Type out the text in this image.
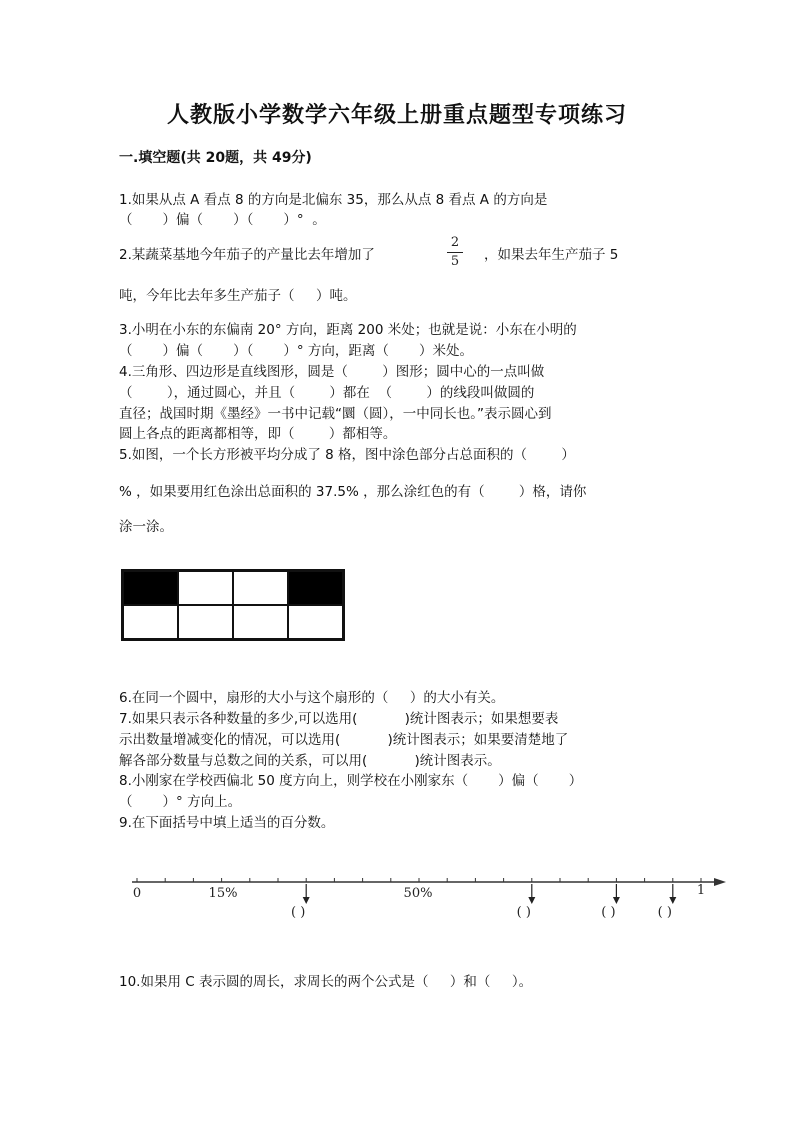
人教版小学数学六年级上册重点题型专项练习
一.填空题(共 20题，共 49分)
1.如果从点 A 看点 8 的方向是北偏东 35，那么从点 8 看点 A 的方向是
（       ）偏（       ）（       ）°  。
2.某蔬菜基地今年茄子的产量比去年增加了
2
5 ，如果去年生产茄子 5
吨，今年比去年多生产茄子（     ）吨。
3.小明在小东的东偏南 20° 方向，距离 200 米处；也就是说：小东在小明的
（       ）偏（       ）（       ）° 方向，距离（       ）米处。
4.三角形、四边形是直线图形，圆是（        ）图形；圆中心的一点叫做
（        ），通过圆心，并且（        ）都在  （        ）的线段叫做圆的
直径；战国时期《墨经》一书中记载“圜（圆），一中同长也。”表示圆心到
圆上各点的距离都相等，即（        ）都相等。
5.如图，一个长方形被平均分成了 8 格，图中涂色部分占总面积的（        ）
% ，如果要用红色涂出总面积的 37.5% ，那么涂红色的有（        ）格，请你
涂一涂。
6.在同一个圆中，扇形的大小与这个扇形的（     ）的大小有关。
7.如果只表示各种数量的多少,可以选用(           )统计图表示；如果想要表
示出数量增减变化的情况，可以选用(           )统计图表示；如果要清楚地了
解各部分数量与总数之间的关系，可以用(           )统计图表示。
8.小刚家在学校西偏北 50 度方向上，则学校在小刚家东（       ）偏（       ）
（       ）° 方向上。
9.在下面括号中填上适当的百分数。
0	15%	50%	1
( )	( )	( )	( )
10.如果用 C 表示圆的周长，求周长的两个公式是（     ）和（     ）。
